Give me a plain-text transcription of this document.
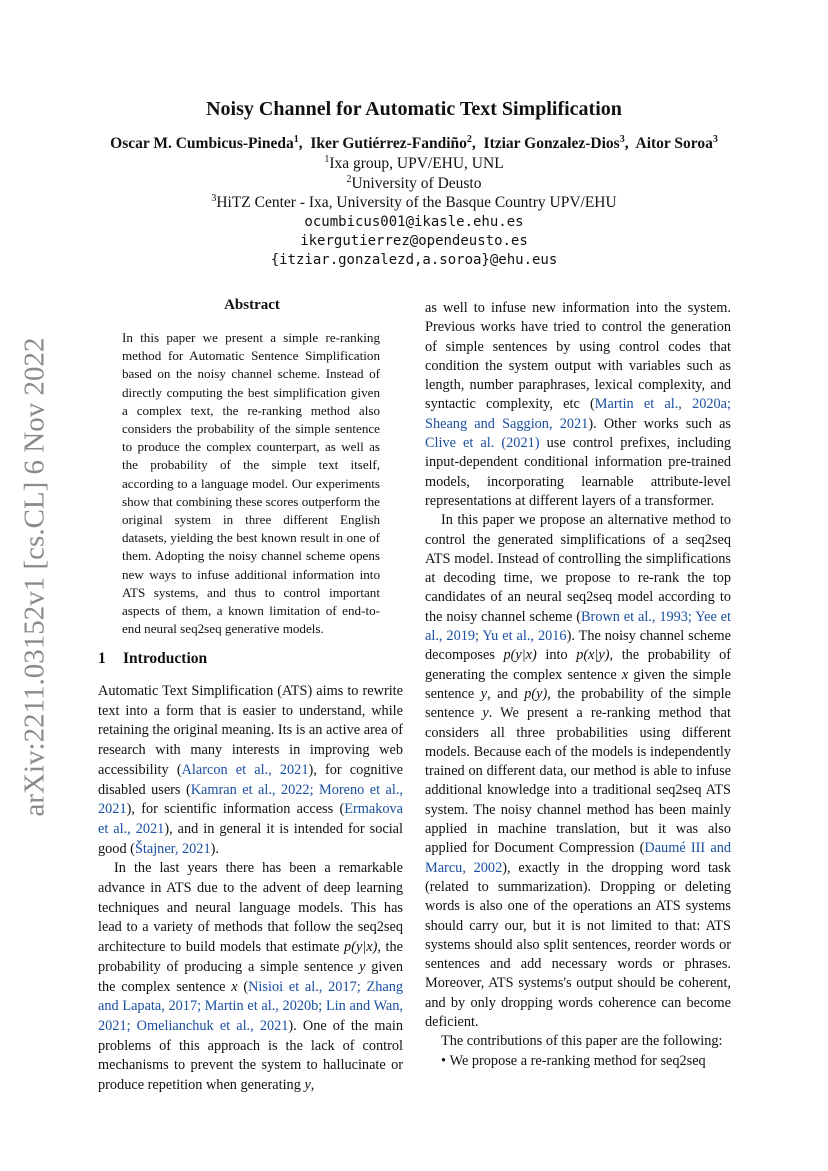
arXiv:2211.03152v1 [cs.CL] 6 Nov 2022
Noisy Channel for Automatic Text Simplification
Oscar M. Cumbicus-Pineda$^1$,  Iker Gutiérrez-Fandiño$^2$,  Itziar Gonzalez-Dios$^3$,  Aitor Soroa$^3$
$^1$Ixa group, UPV/EHU, UNL
$^2$University of Deusto
$^3$HiTZ Center - Ixa, University of the Basque Country UPV/EHU
ocumbicus001@ikasle.ehu.es
ikergutierrez@opendeusto.es
{itziar.gonzalezd,a.soroa}@ehu.eus
Abstract
In this paper we present a simple re-ranking method for Automatic Sentence Simplification based on the noisy channel scheme. Instead of directly computing the best simplification given a complex text, the re-ranking method also considers the probability of the simple sentence to produce the complex counterpart, as well as the probability of the simple text itself, according to a language model. Our experiments show that combining these scores outperform the original system in three different English datasets, yielding the best known result in one of them. Adopting the noisy channel scheme opens new ways to infuse additional information into ATS systems, and thus to control important aspects of them, a known limitation of end-to-end neural seq2seq generative models.
1 Introduction

Automatic Text Simplification (ATS) aims to rewrite text into a form that is easier to understand, while retaining the original meaning. Its is an active area of research with many interests in improving web accessibility (Alarcon et al., 2021), for cognitive disabled users (Kamran et al., 2022; Moreno et al., 2021), for scientific information access (Ermakova et al., 2021), and in general it is intended for social good (Štajner, 2021).

In the last years there has been a remarkable advance in ATS due to the advent of deep learning techniques and neural language models. This has lead to a variety of methods that follow the seq2seq architecture to build models that estimate p(y|x), the probability of producing a simple sentence y given the complex sentence x (Nisioi et al., 2017; Zhang and Lapata, 2017; Martin et al., 2020b; Lin and Wan, 2021; Omelianchuk et al., 2021). One of the main problems of this approach is the lack of control mechanisms to prevent the system to hallucinate or produce repetition when generating y,

as well to infuse new information into the system. Previous works have tried to control the generation of simple sentences by using control codes that condition the system output with variables such as length, number paraphrases, lexical complexity, and syntactic complexity, etc (Martin et al., 2020a; Sheang and Saggion, 2021). Other works such as Clive et al. (2021) use control prefixes, including input-dependent conditional information pre-trained models, incorporating learnable attribute-level representations at different layers of a transformer.

In this paper we propose an alternative method to control the generated simplifications of a seq2seq ATS model. Instead of controlling the simplifications at decoding time, we propose to re-rank the top candidates of an neural seq2seq model according to the noisy channel scheme (Brown et al., 1993; Yee et al., 2019; Yu et al., 2016). The noisy channel scheme decomposes p(y|x) into p(x|y), the probability of generating the complex sentence x given the simple sentence y, and p(y), the probability of the simple sentence y. We present a re-ranking method that considers all three probabilities using different models. Because each of the models is independently trained on different data, our method is able to infuse additional knowledge into a traditional seq2seq ATS system. The noisy channel method has been mainly applied in machine translation, but it was also applied for Document Compression (Daumé III and Marcu, 2002), exactly in the dropping word task (related to summarization). Dropping or deleting words is also one of the operations an ATS systems should carry our, but it is not limited to that: ATS systems should also split sentences, reorder words or sentences and add necessary words or phrases. Moreover, ATS systems's output should be coherent, and by only dropping words coherence can become deficient.

The contributions of this paper are the following:

• We propose a re-ranking method for seq2seq
